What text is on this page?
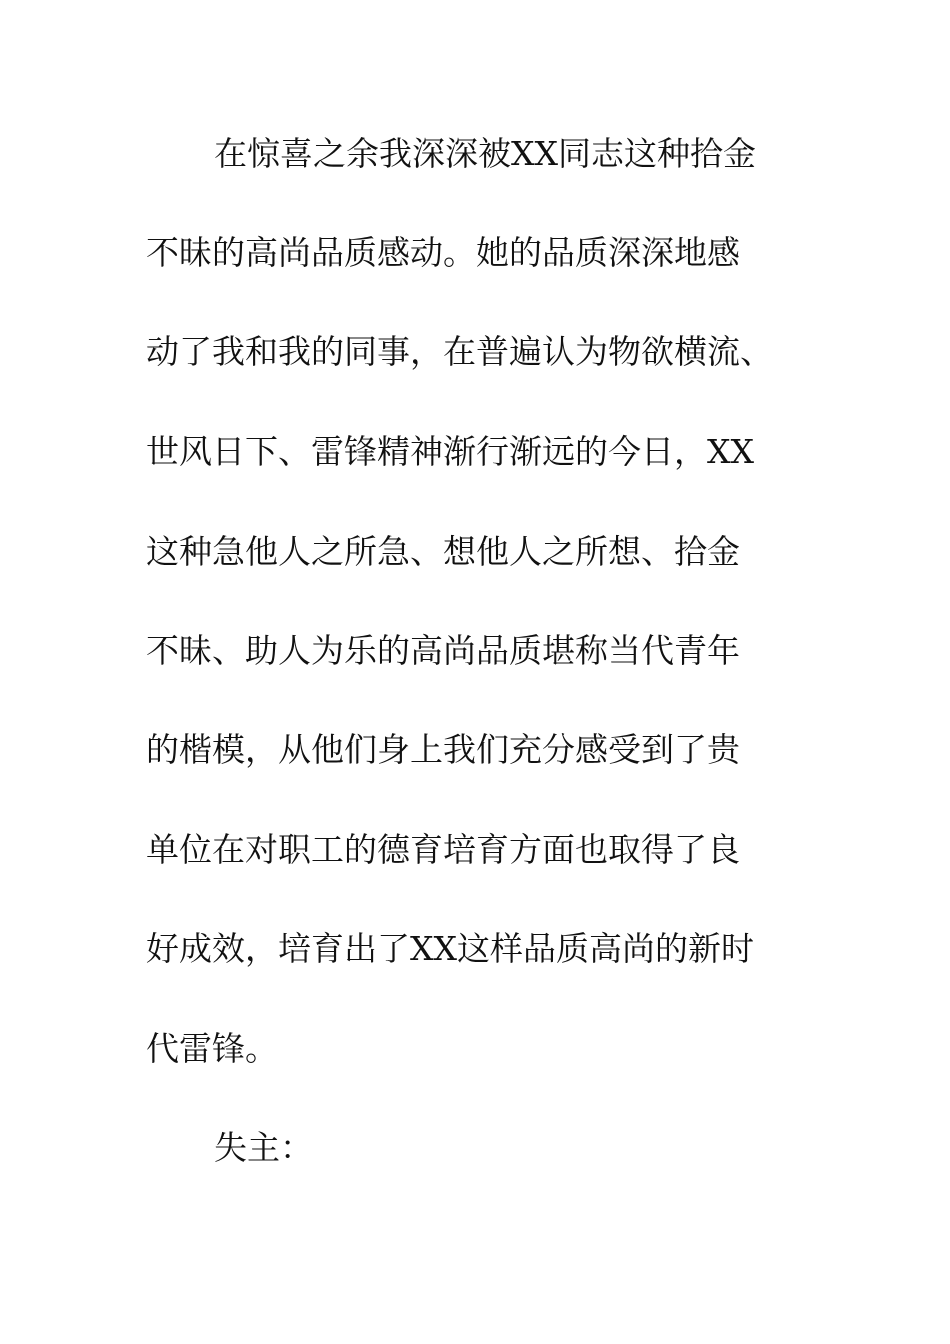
在惊喜之余我深深被XX同志这种拾金
不昧的高尚品质感动。她的品质深深地感
动了我和我的同事，在普遍认为物欲横流、
世风日下、雷锋精神渐行渐远的今日，XX
这种急他人之所急、想他人之所想、拾金
不昧、助人为乐的高尚品质堪称当代青年
的楷模，从他们身上我们充分感受到了贵
单位在对职工的德育培育方面也取得了良
好成效，培育出了XX这样品质高尚的新时
代雷锋。
失主：
